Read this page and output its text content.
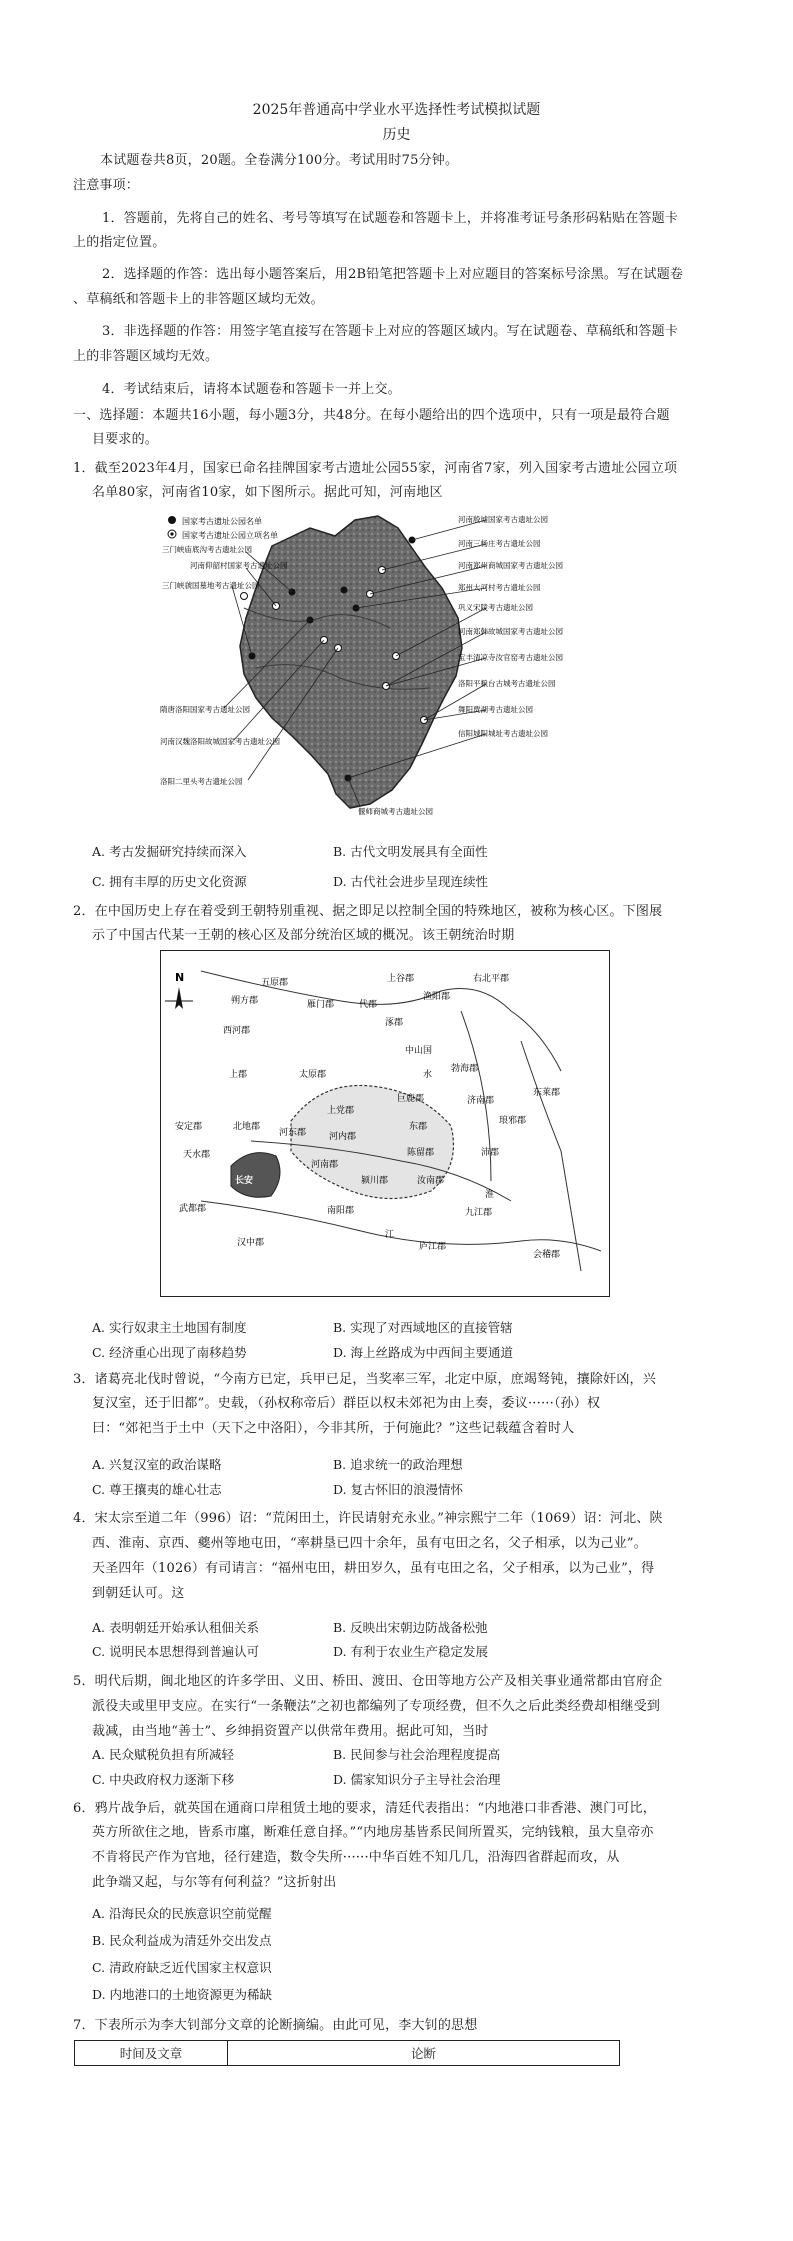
2025年普通高中学业水平选择性考试模拟试题
历史
本试题卷共8页，20题。全卷满分100分。考试用时75分钟。
注意事项：
1．答题前，先将自己的姓名、考号等填写在试题卷和答题卡上，并将准考证号条形码粘贴在答题卡
上的指定位置。
2．选择题的作答：选出每小题答案后，用2B铅笔把答题卡上对应题目的答案标号涂黑。写在试题卷
、草稿纸和答题卡上的非答题区域均无效。
3．非选择题的作答：用签字笔直接写在答题卡上对应的答题区域内。写在试题卷、草稿纸和答题卡
上的非答题区域均无效。
4．考试结束后，请将本试题卷和答题卡一并上交。
一、选择题：本题共16小题，每小题3分，共48分。在每小题给出的四个选项中，只有一项是最符合题
目要求的。
1．截至2023年4月，国家已命名挂牌国家考古遗址公园55家，河南省7家，列入国家考古遗址公园立项
名单80家，河南省10家，如下图所示。据此可知，河南地区
国家考古遗址公园名单
国家考古遗址公园立项名单
三门峡庙底沟考古遗址公园
河南仰韶村国家考古遗址公园
三门峡虢国墓地考古遗址公园
隋唐洛阳国家考古遗址公园
河南汉魏洛阳故城国家考古遗址公园
洛阳二里头考古遗址公园
河南殷墟国家考古遗址公园
河南三杨庄考古遗址公园
河南郑州商城国家考古遗址公园
郑州大河村考古遗址公园
巩义宋陵考古遗址公园
河南郑韩故城国家考古遗址公园
宝丰清凉寺汝官窑考古遗址公园
洛阳平粮台古城考古遗址公园
舞阳贾湖考古遗址公园
信阳城阳城址考古遗址公园
偃师商城考古遗址公园
A. 考古发掘研究持续而深入	B. 古代文明发展具有全面性
C. 拥有丰厚的历史文化资源	D. 古代社会进步呈现连续性
2．在中国历史上存在着受到王朝特别重视、据之即足以控制全国的特殊地区，被称为核心区。下图展
示了中国古代某一王朝的核心区及部分统治区域的概况。该王朝统治时期
N	五原郡
朔方郡
西河郡
上郡
北地郡
安定郡
天水郡
武都郡
汉中郡
上谷郡
渔阳郡
右北平郡
涿郡
代郡
雁门郡
中山国
勃海郡
太原郡
上党郡
河东郡	河内郡
巨鹿郡
东郡
济南郡
东莱郡
琅邪郡
陈留郡	沛郡
河南郡
颍川郡	汝南郡
南阳郡	九江郡
庐江郡
会稽郡
长安
水
淮
江
A. 实行奴隶主土地国有制度	B. 实现了对西域地区的直接管辖
C. 经济重心出现了南移趋势	D. 海上丝路成为中西间主要通道
3．诸葛亮北伐时曾说，“今南方已定，兵甲已足，当奖率三军，北定中原，庶竭驽钝，攘除奸凶，兴
复汉室，还于旧都”。史载，（孙权称帝后）群臣以权未郊祀为由上奏，委议······（孙）权
曰：“郊祀当于土中（天下之中洛阳），今非其所，于何施此？”这些记载蕴含着时人
A. 兴复汉室的政治谋略	B. 追求统一的政治理想
C. 尊王攘夷的雄心壮志	D. 复古怀旧的浪漫情怀
4．宋太宗至道二年（996）诏：“荒闲田土，许民请射充永业。”神宗熙宁二年（1069）诏：河北、陕
西、淮南、京西、夔州等地屯田，“率耕垦已四十余年，虽有屯田之名，父子相承，以为己业”。
天圣四年（1026）有司请言：“福州屯田，耕田岁久，虽有屯田之名，父子相承，以为己业”，得
到朝廷认可。这
A. 表明朝廷开始承认租佃关系	B. 反映出宋朝边防战备松弛
C. 说明民本思想得到普遍认可	D. 有利于农业生产稳定发展
5．明代后期，闽北地区的许多学田、义田、桥田、渡田、仓田等地方公产及相关事业通常都由官府企
派役夫或里甲支应。在实行“一条鞭法”之初也都编列了专项经费，但不久之后此类经费却相继受到
裁减，由当地“善士”、乡绅捐资置产以供常年费用。据此可知，当时
A. 民众赋税负担有所减轻	B. 民间参与社会治理程度提高
C. 中央政府权力逐渐下移	D. 儒家知识分子主导社会治理
6．鸦片战争后，就英国在通商口岸租赁土地的要求，清廷代表指出：“内地港口非香港、澳门可比，
英方所欲住之地，皆系市廛，断难任意自择。”“内地房基皆系民间所置买，完纳钱粮，虽大皇帝亦
不肯将民产作为官地，径行建造，数令失所······中华百姓不知几几，沿海四省群起而攻，从
此争端又起，与尔等有何利益？”这折射出
A. 沿海民众的民族意识空前觉醒
B. 民众利益成为清廷外交出发点
C. 清政府缺乏近代国家主权意识
D. 内地港口的土地资源更为稀缺
7．下表所示为李大钊部分文章的论断摘编。由此可见，李大钊的思想
时间及文章	论断
